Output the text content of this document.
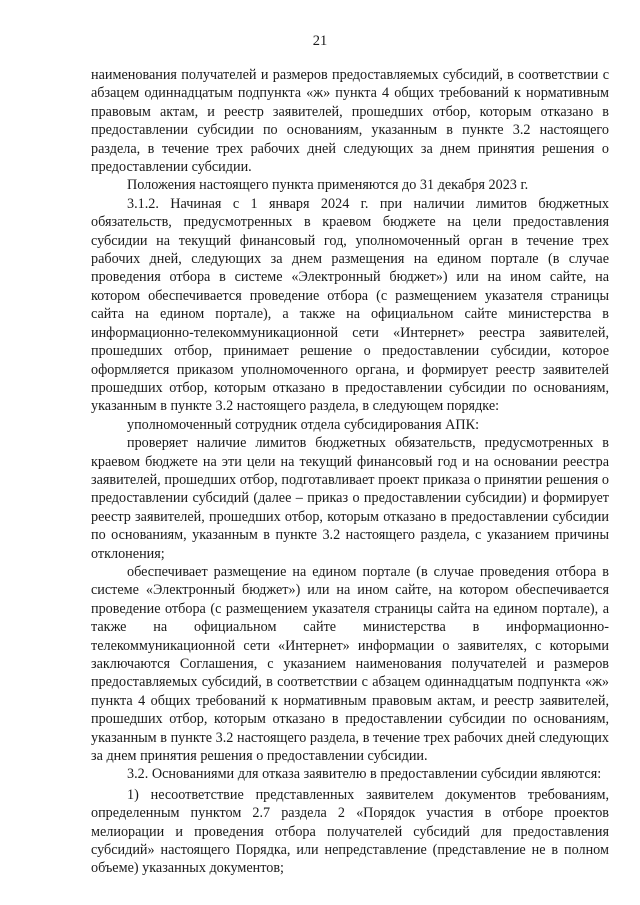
21

наименования получателей и размеров предоставляемых субсидий, в соответствии с абзацем одиннадцатым подпункта «ж» пункта 4 общих требований к нормативным правовым актам, и реестр заявителей, прошедших отбор, которым отказано в предоставлении субсидии по основаниям, указанным в пункте 3.2 настоящего раздела, в течение трех рабочих дней следующих за днем принятия решения о предоставлении субсидии.

Положения настоящего пункта применяются до 31 декабря 2023 г.

3.1.2. Начиная с 1 января 2024 г. при наличии лимитов бюджетных обязательств, предусмотренных в краевом бюджете на цели предоставления субсидии на текущий финансовый год, уполномоченный орган в течение трех рабочих дней, следующих за днем размещения на едином портале (в случае проведения отбора в системе «Электронный бюджет») или на ином сайте, на котором обеспечивается проведение отбора (с размещением указателя страницы сайта на едином портале), а также на официальном сайте министерства в информационно-телекоммуникационной сети «Интернет» реестра заявителей, прошедших отбор, принимает решение о предоставлении субсидии, которое оформляется приказом уполномоченного органа, и формирует реестр заявителей прошедших отбор, которым отказано в предоставлении субсидии по основаниям, указанным в пункте 3.2 настоящего раздела, в следующем порядке:

уполномоченный сотрудник отдела субсидирования АПК:

проверяет наличие лимитов бюджетных обязательств, предусмотренных в краевом бюджете на эти цели на текущий финансовый год и на основании реестра заявителей, прошедших отбор, подготавливает проект приказа о принятии решения о предоставлении субсидий (далее – приказ о предоставлении субсидии) и формирует реестр заявителей, прошедших отбор, которым отказано в предоставлении субсидии по основаниям, указанным в пункте 3.2 настоящего раздела, с указанием причины отклонения;

обеспечивает размещение на едином портале (в случае проведения отбора в системе «Электронный бюджет») или на ином сайте, на котором обеспечивается проведение отбора (с размещением указателя страницы сайта на едином портале), а также на официальном сайте министерства в информационно-телекоммуникационной сети «Интернет» информации о заявителях, с которыми заключаются Соглашения, с указанием наименования получателей и размеров предоставляемых субсидий, в соответствии с абзацем одиннадцатым подпункта «ж» пункта 4 общих требований к нормативным правовым актам, и реестр заявителей, прошедших отбор, которым отказано в предоставлении субсидии по основаниям, указанным в пункте 3.2 настоящего раздела, в течение трех рабочих дней следующих за днем принятия решения о предоставлении субсидии.

3.2. Основаниями для отказа заявителю в предоставлении субсидии являются:

1) несоответствие представленных заявителем документов требованиям, определенным пунктом 2.7 раздела 2 «Порядок участия в отборе проектов мелиорации и проведения отбора получателей субсидий для предоставления субсидий» настоящего Порядка, или непредставление (представление не в полном объеме) указанных документов;
